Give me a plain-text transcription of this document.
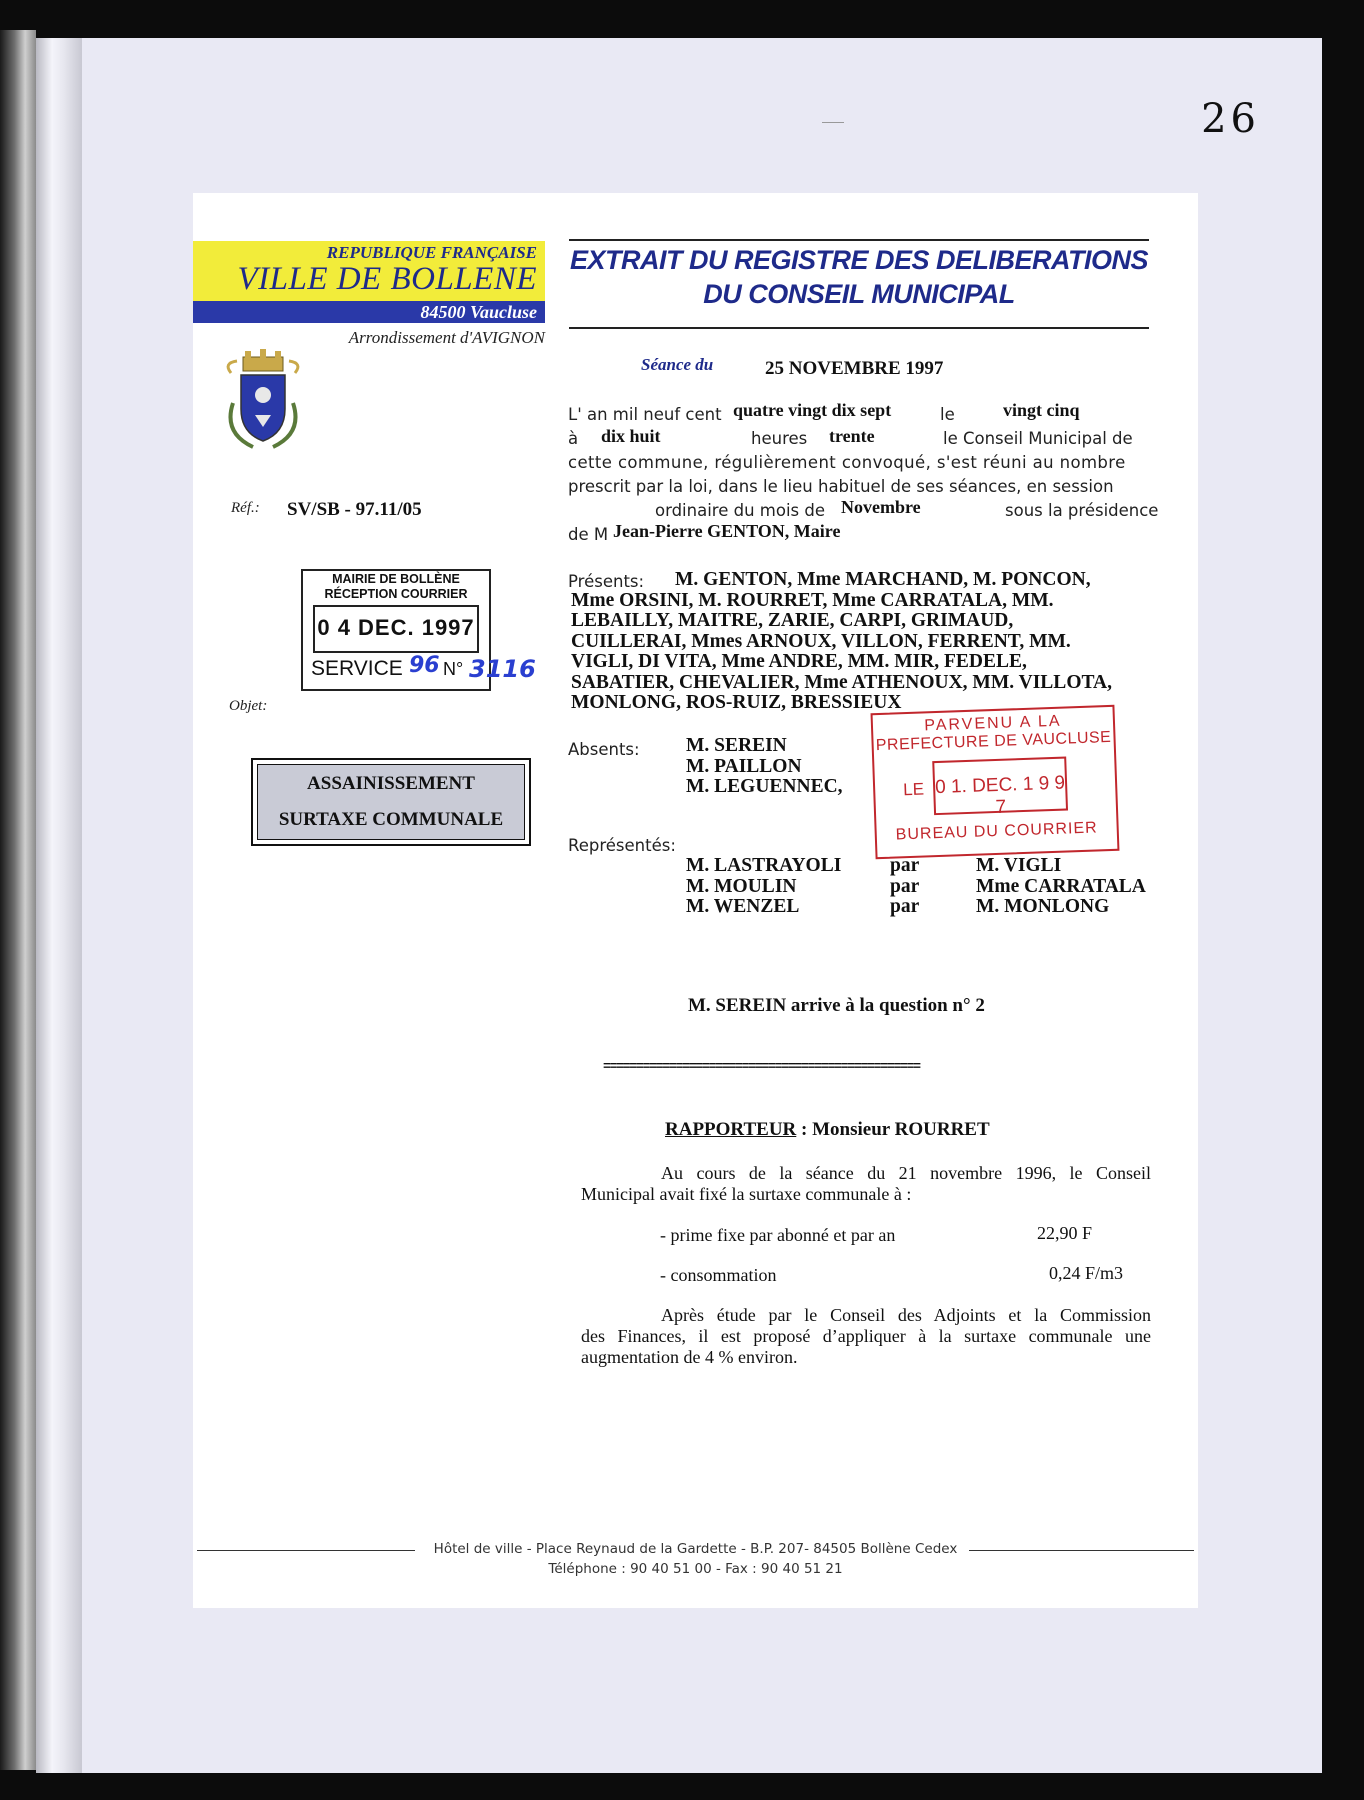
26
REPUBLIQUE FRANÇAISE
VILLE DE BOLLENE
84500 Vaucluse
Arrondissement d'AVIGNON
EXTRAIT DU REGISTRE DES DELIBERATIONS
DU CONSEIL MUNICIPAL
Séance du	25 NOVEMBRE 1997
L' an mil neuf cent quatre vingt dix sept	le	vingt cinq
à dix huit	heures trente	le Conseil Municipal de
cette commune, régulièrement convoqué, s'est réuni au nombre
prescrit par la loi, dans le lieu habituel de ses séances, en session
ordinaire du mois de Novembre	sous la présidence
de M Jean-Pierre GENTON, Maire
Réf.: SV/SB - 97.11/05
MAIRIE DE BOLLÈNE
RÉCEPTION COURRIER
0 4 DEC. 1997
SERVICE 96 N° 3116
Objet:
ASSAINISSEMENT
SURTAXE COMMUNALE
Présents:	M. GENTON, Mme MARCHAND, M. PONCON,
Mme ORSINI, M. ROURRET, Mme CARRATALA, MM.
LEBAILLY, MAITRE, ZARIE, CARPI, GRIMAUD,
CUILLERAI, Mmes ARNOUX, VILLON, FERRENT, MM.
VIGLI, DI VITA, Mme ANDRE, MM. MIR, FEDELE,
SABATIER, CHEVALIER, Mme ATHENOUX, MM. VILLOTA,
MONLONG, ROS-RUIZ, BRESSIEUX
Absents: M. SEREIN
M. PAILLON
M. LEGUENNEC,
PARVENU A LA
PREFECTURE DE VAUCLUSE
LE 0 1. DEC. 1 9 9 7
BUREAU DU COURRIER
Représentés:
M. LASTRAYOLI par	M. VIGLI
M. MOULIN	par	Mme CARRATALA
M. WENZEL	par	M. MONLONG
M. SEREIN arrive à la question n° 2
================================================
RAPPORTEUR : Monsieur ROURRET
Au cours de la séance du 21 novembre 1996, le Conseil
Municipal avait fixé la surtaxe communale à :
- prime fixe par abonné et par an	22,90 F
- consommation	0,24 F/m3
Après étude par le Conseil des Adjoints et la Commission
des Finances, il est proposé d’appliquer à la surtaxe communale une
augmentation de 4 % environ.
Hôtel de ville - Place Reynaud de la Gardette - B.P. 207- 84505 Bollène Cedex
Téléphone : 90 40 51 00 - Fax : 90 40 51 21
